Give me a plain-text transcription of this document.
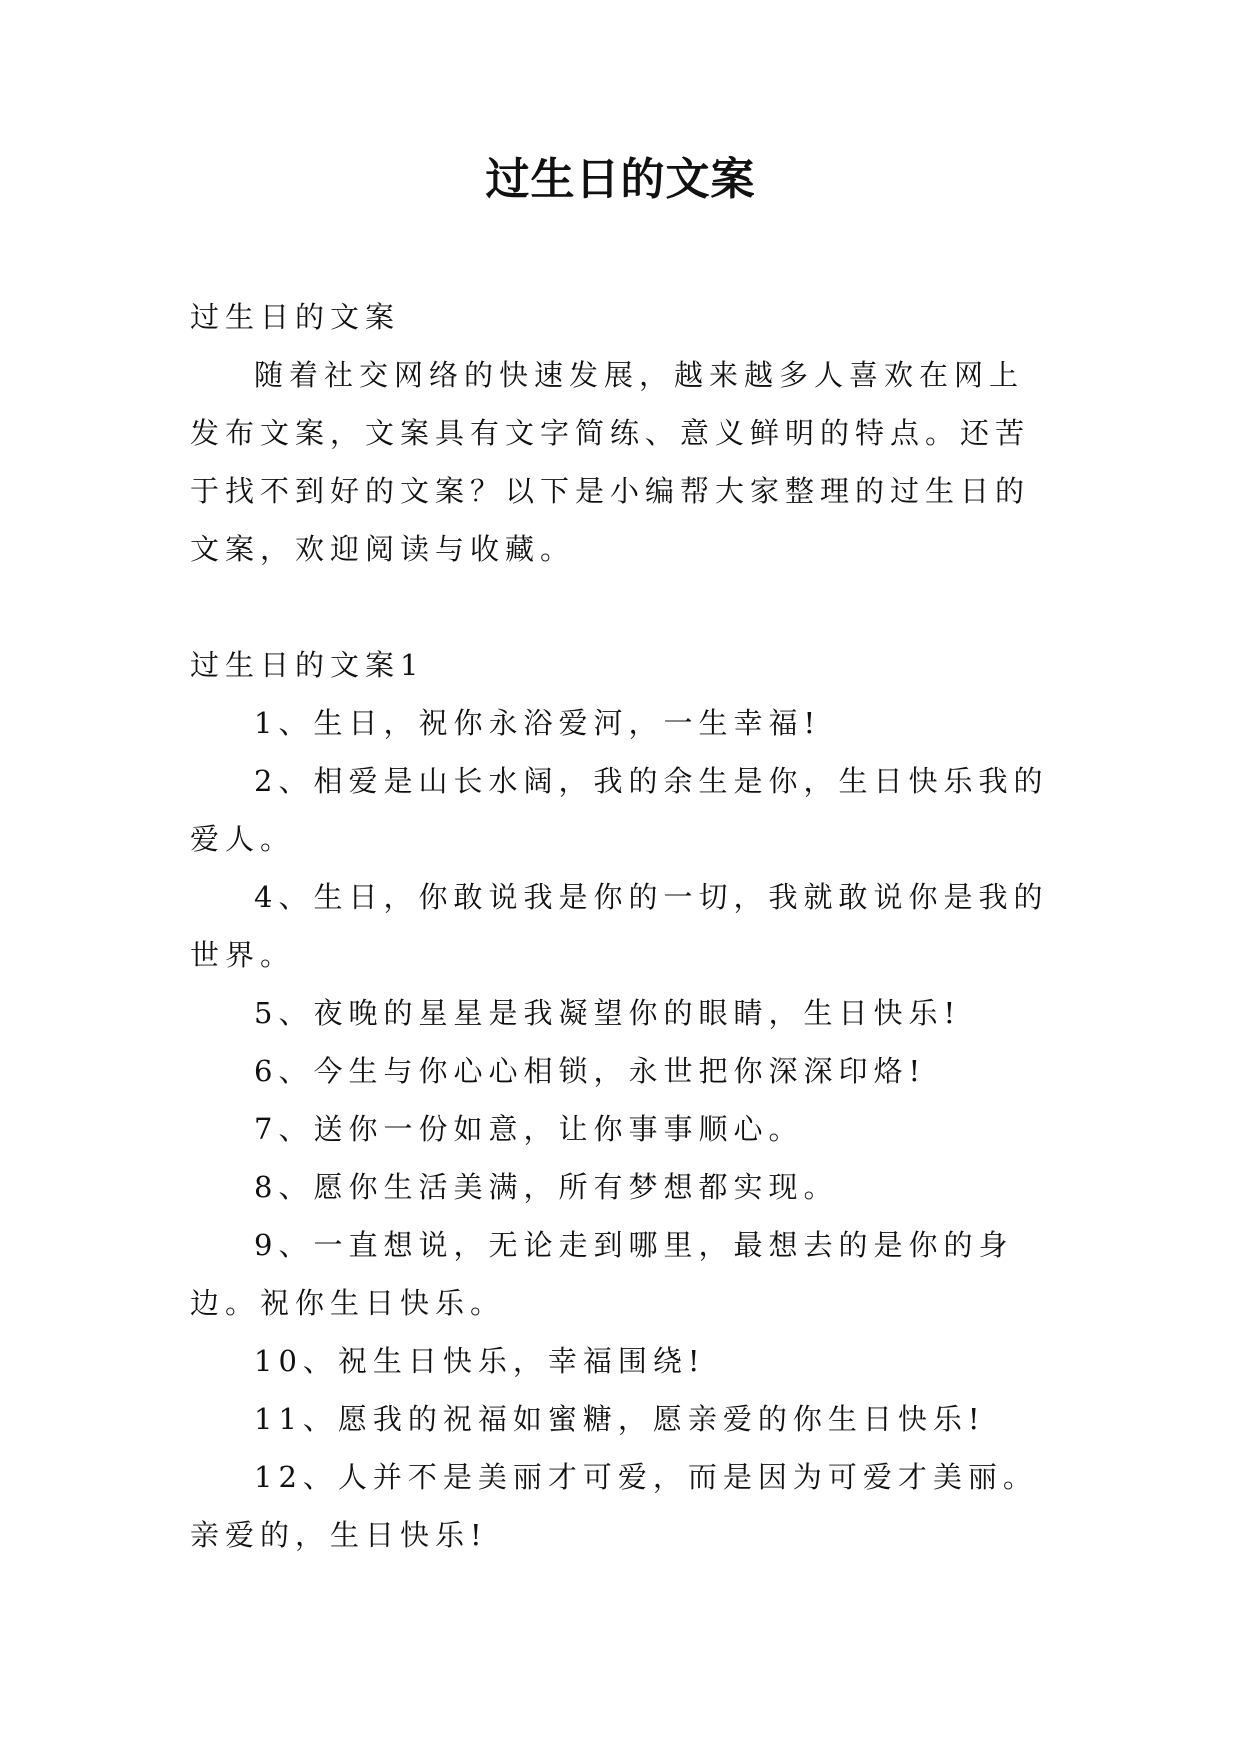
过生日的文案

过生日的文案

随着社交网络的快速发展，越来越多人喜欢在网上发布文案，文案具有文字简练、意义鲜明的特点。还苦于找不到好的文案？以下是小编帮大家整理的过生日的文案，欢迎阅读与收藏。

过生日的文案1

1、生日，祝你永浴爱河，一生幸福!

2、相爱是山长水阔，我的余生是你，生日快乐我的爱人。

4、生日，你敢说我是你的一切，我就敢说你是我的世界。

5、夜晚的星星是我凝望你的眼睛，生日快乐!

6、今生与你心心相锁，永世把你深深印烙!

7、送你一份如意，让你事事顺心。

8、愿你生活美满，所有梦想都实现。

9、一直想说，无论走到哪里，最想去的是你的身边。祝你生日快乐。

10、祝生日快乐，幸福围绕!

11、愿我的祝福如蜜糖，愿亲爱的你生日快乐!

12、人并不是美丽才可爱，而是因为可爱才美丽。亲爱的，生日快乐!
